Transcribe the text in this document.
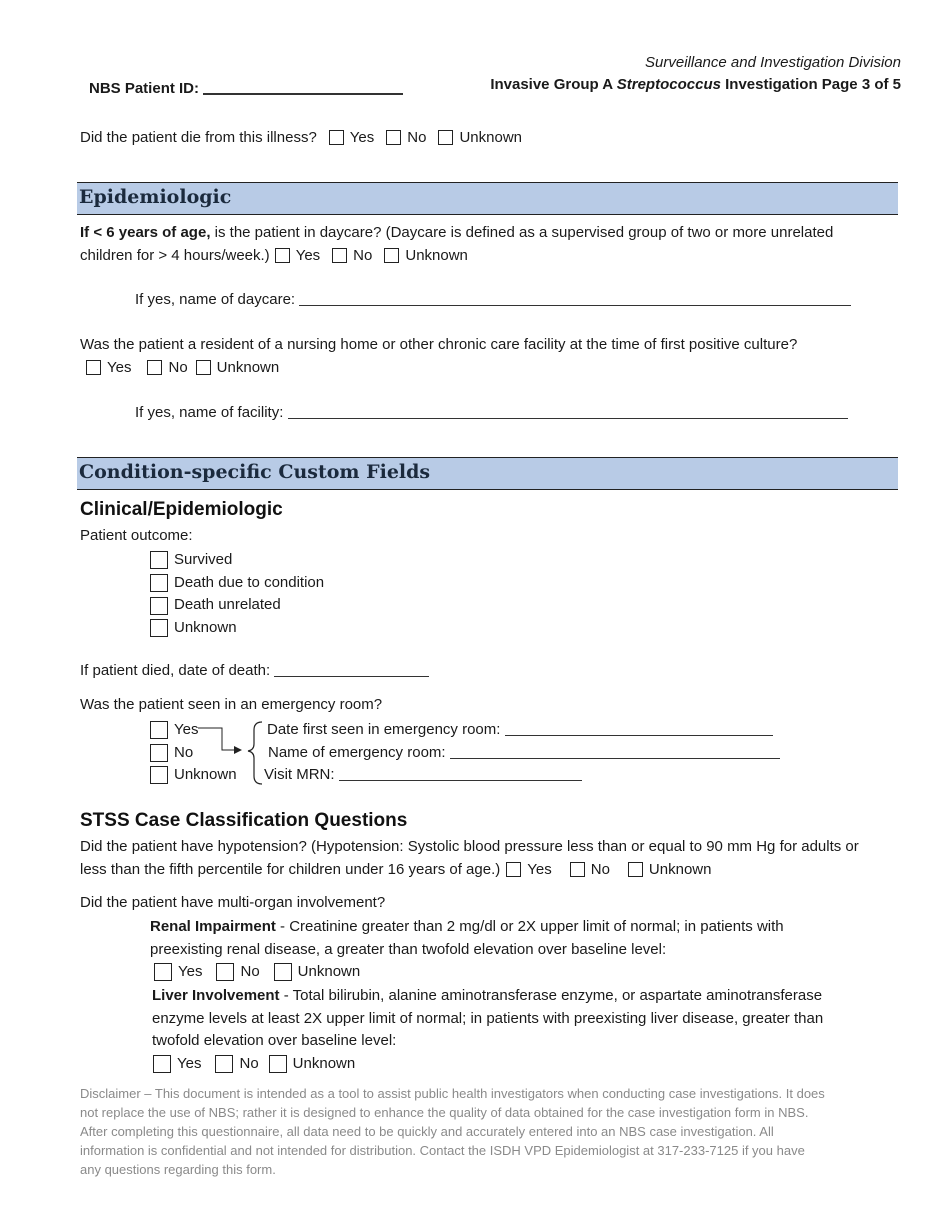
Surveillance and Investigation Division
Invasive Group A Streptococcus Investigation Page 3 of 5
NBS Patient ID:
Did the patient die from this illness? Yes No Unknown
Epidemiologic
If < 6 years of age, is the patient in daycare? (Daycare is defined as a supervised group of two or more unrelated
children for > 4 hours/week.) Yes No Unknown
If yes, name of daycare:
Was the patient a resident of a nursing home or other chronic care facility at the time of first positive culture?
Yes No Unknown
If yes, name of facility:
Condition-specific Custom Fields
Clinical/Epidemiologic
Patient outcome:
Survived
Death due to condition
Death unrelated
Unknown
If patient died, date of death:
Was the patient seen in an emergency room?
Yes
No
Unknown
Date first seen in emergency room:
Name of emergency room:
Visit MRN:
STSS Case Classification Questions
Did the patient have hypotension? (Hypotension: Systolic blood pressure less than or equal to 90 mm Hg for adults or
less than the fifth percentile for children under 16 years of age.) Yes	No	Unknown
Did the patient have multi-organ involvement?
Renal Impairment - Creatinine greater than 2 mg/dl or 2X upper limit of normal; in patients with
preexisting renal disease, a greater than twofold elevation over baseline level:
Yes	No	Unknown
Liver Involvement - Total bilirubin, alanine aminotransferase enzyme, or aspartate aminotransferase
enzyme levels at least 2X upper limit of normal; in patients with preexisting liver disease, greater than
twofold elevation over baseline level:
Yes	No Unknown
Disclaimer – This document is intended as a tool to assist public health investigators when conducting case investigations. It does
not replace the use of NBS; rather it is designed to enhance the quality of data obtained for the case investigation form in NBS.
After completing this questionnaire, all data need to be quickly and accurately entered into an NBS case investigation. All
information is confidential and not intended for distribution. Contact the ISDH VPD Epidemiologist at 317-233-7125 if you have
any questions regarding this form.
